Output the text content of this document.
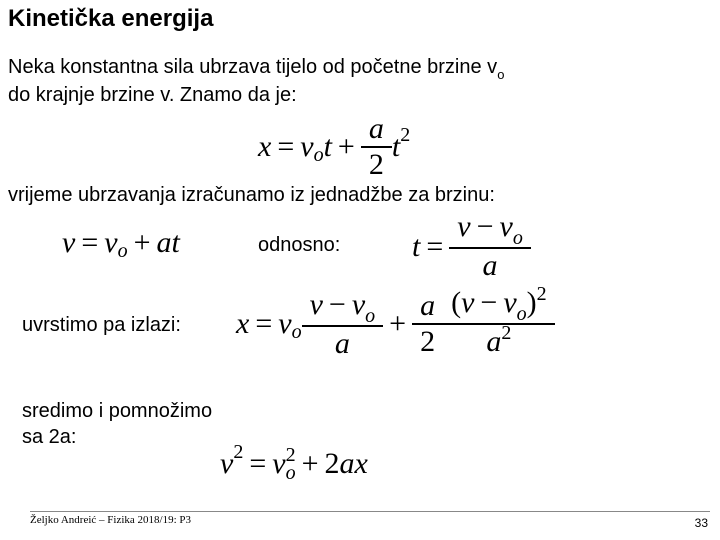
Kinetička energija
Neka konstantna sila ubrzava tijelo od početne brzine $v_o$
do krajnje brzine v. Znamo da je:
x = v o $t + \frac{a}{2}$ t 2
vrijeme ubrzavanja izračunamo iz jednadžbe za brzinu:
v = v o + a t	odnosno: $t = \frac{v - v_o}{a}$
uvrstimo pa izlazi: x = v o $\frac{v - v_o}{a} + \frac{a}{2} \frac{(v - v_o)^2}{a^2}$
sredimo i pomnožimo
sa 2a:
v 2 = v 2
o + 2 a x
Željko Andreić – Fizika 2018/19: P3	33
